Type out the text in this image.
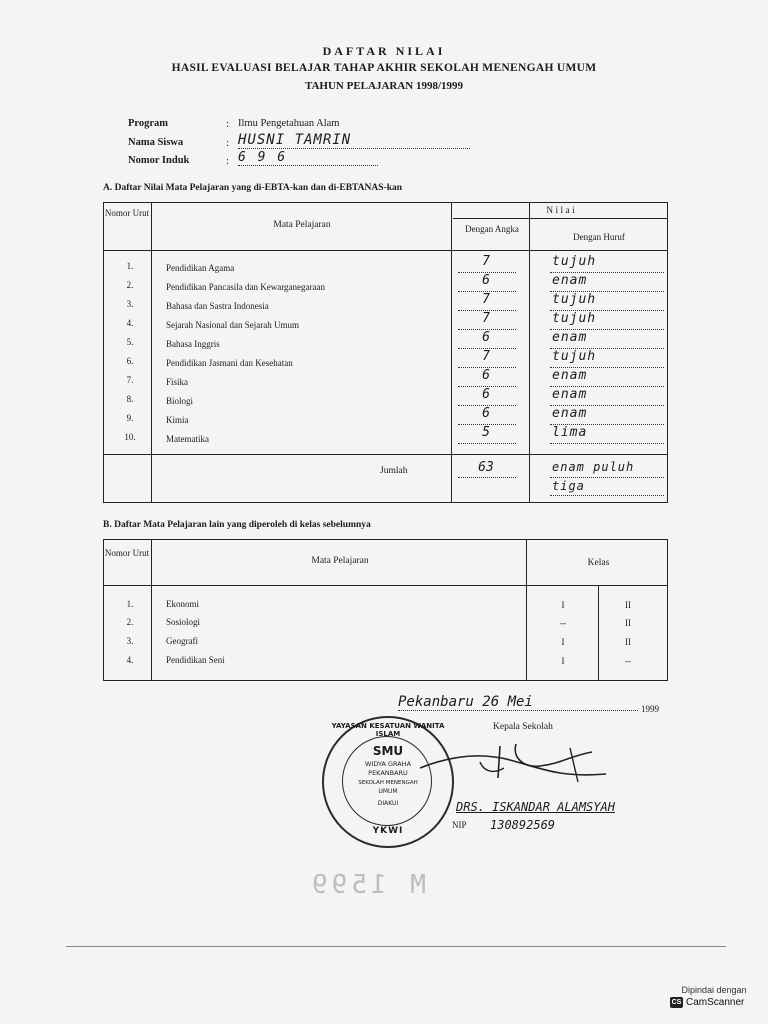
DAFTAR NILAI
HASIL EVALUASI BELAJAR TAHAP AKHIR SEKOLAH MENENGAH UMUM
TAHUN PELAJARAN 1998/1999
Program	: Ilmu Pengetahuan Alam
Nama Siswa	: HUSNI TAMRIN
Nomor Induk	: 6 9 6
A. Daftar Nilai Mata Pelajaran yang di-EBTA-kan dan di-EBTANAS-kan

Nomor Urut
Mata Pelajaran
N i l a i
Dengan Angka
Dengan Huruf
1.	Pendidikan Agama	7	tujuh
2.	Pendidikan Pancasila dan Kewarganegaraan	6	enam
3.	Bahasa dan Sastra Indonesia	7	tujuh
4.	Sejarah Nasional dan Sejarah Umum	7	tujuh
5.	Bahasa Inggris	6	enam
6.	Pendidikan Jasmani dan Kesehatan	7	tujuh
7.	Fisika	6	enam
8.	Biologi	6	enam
9.	Kimia	6	enam
10.	Matematika	5	lima
Jumlah	63	enam puluh
tiga
B. Daftar Mata Pelajaran lain yang diperoleh di kelas sebelumnya

Nomor Urut
Mata Pelajaran	Kelas
1.	Ekonomi	I	II
2.	Sosiologi	--	II
3.	Geografi	I	II
4.	Pendidikan Seni	I	--
Pekanbaru 26 Mei	1999
Kepala Sekolah
YAYASAN KESATUAN WANITA ISLAM
SMU
WIDYA GRAHA
PEKANBARU
SEKOLAH MENENGAH
UMUM
DIAKUI
YKWI
DRS. ISKANDAR ALAMSYAH
NIP 130892569
M 1599
Dipindai dengan
CS CamScanner
